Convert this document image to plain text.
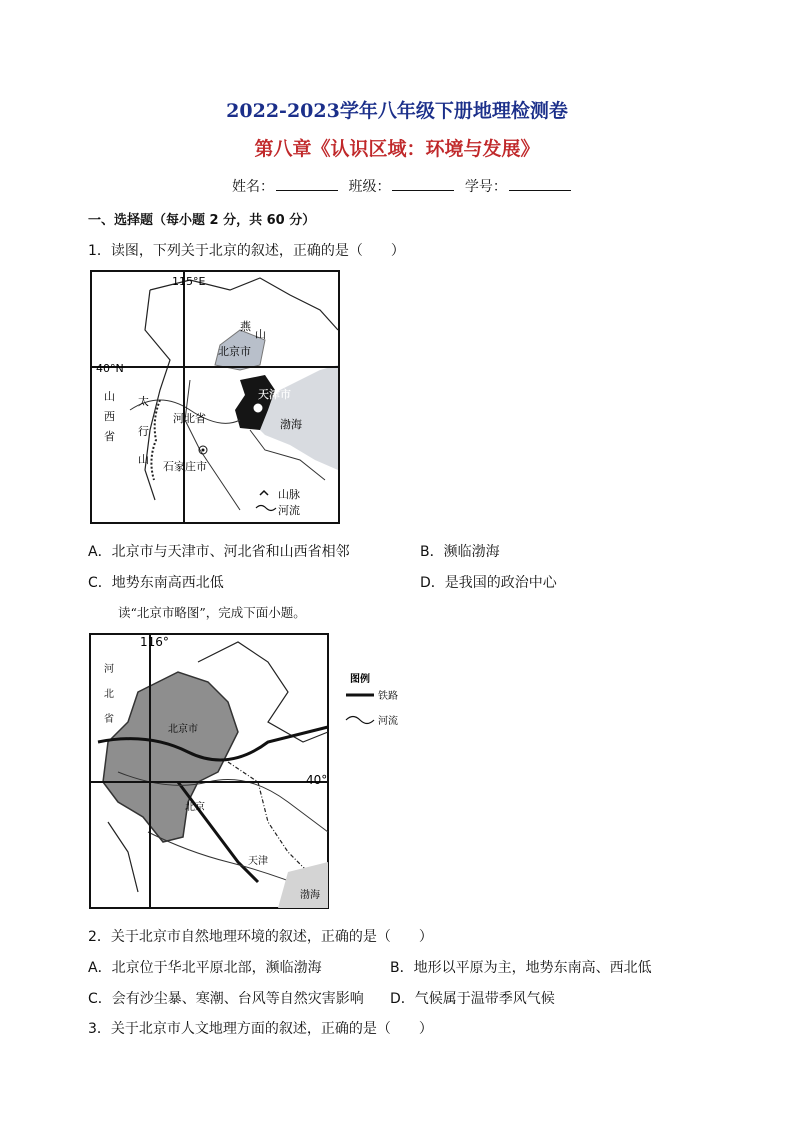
2022-2023学年八年级下册地理检测卷
第八章《认识区域：环境与发展》
姓名：	班级：	学号：
一、选择题（每小题 2 分，共 60 分）
1．读图，下列关于北京的叙述，正确的是（　　）
115°E
燕
山
北京市
天津市
河北省	渤海
石家庄市
山
西
省
太
行
山
山脉
河流
A．北京市与天津市、河北省和山西省相邻	B．濒临渤海
C．地势东南高西北低	D．是我国的政治中心
读“北京市略图”，完成下面小题。
116°
40°
河
北
省
北京市
北京
天津
渤海
图例
铁路
河流
2．关于北京市自然地理环境的叙述，正确的是（　　）
A．北京位于华北平原北部，濒临渤海	B．地形以平原为主，地势东南高、西北低
C．会有沙尘暴、寒潮、台风等自然灾害影响 D．气候属于温带季风气候
3．关于北京市人文地理方面的叙述，正确的是（　　）
40°N
